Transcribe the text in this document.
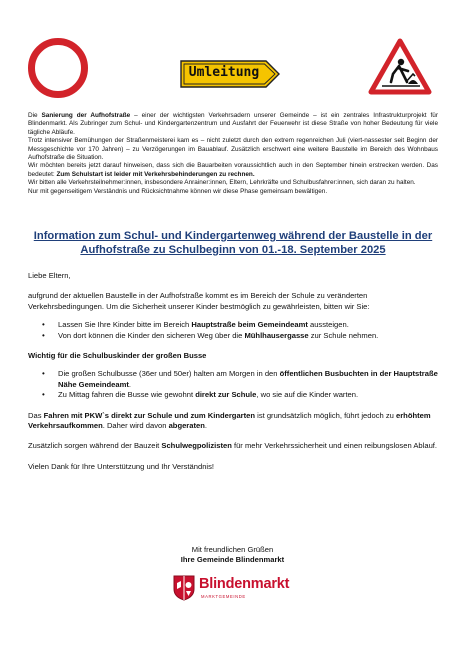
Umleitung

Die Sanierung der Aufhofstraße – einer der wichtigsten Verkehrsadern unserer Gemeinde – ist ein zentrales Infrastrukturprojekt für Blindenmarkt. Als Zubringer zum Schul- und Kindergartenzentrum und Ausfahrt der Feuerwehr ist diese Straße von hoher Bedeutung für viele tägliche Abläufe.

Trotz intensiver Bemühungen der Straßenmeisterei kam es – nicht zuletzt durch den extrem regenreichen Juli (viert-nassester seit Beginn der Messgeschichte vor 170 Jahren) – zu Verzögerungen im Bauablauf. Zusätzlich erschwert eine weitere Baustelle im Bereich des Wohnbaus Aufhofstraße die Situation.

Wir möchten bereits jetzt darauf hinweisen, dass sich die Bauarbeiten voraussichtlich auch in den September hinein erstrecken werden. Das bedeutet: Zum Schulstart ist leider mit Verkehrsbehinderungen zu rechnen.

Wir bitten alle Verkehrsteilnehmer:innen, insbesondere Anrainer:innen, Eltern, Lehrkräfte und Schulbusfahrer:innen, sich daran zu halten.

Nur mit gegenseitigem Verständnis und Rücksichtnahme können wir diese Phase gemeinsam bewältigen.

Information zum Schul- und Kindergartenweg während der Baustelle in der Aufhofstraße zu Schulbeginn von 01.-18. September 2025

Liebe Eltern,

aufgrund der aktuellen Baustelle in der Aufhofstraße kommt es im Bereich der Schule zu veränderten Verkehrsbedingungen. Um die Sicherheit unserer Kinder bestmöglich zu gewährleisten, bitten wir Sie:

• Lassen Sie Ihre Kinder bitte im Bereich Hauptstraße beim Gemeindeamt aussteigen.
• Von dort können die Kinder den sicheren Weg über die Mühlhausergasse zur Schule nehmen.

Wichtig für die Schulbuskinder der großen Busse

• Die großen Schulbusse (36er und 50er) halten am Morgen in den öffentlichen Busbuchten in der Hauptstraße Nähe Gemeindeamt.
• Zu Mittag fahren die Busse wie gewohnt direkt zur Schule, wo sie auf die Kinder warten.

Das Fahren mit PKW`s direkt zur Schule und zum Kindergarten ist grundsätzlich möglich, führt jedoch zu erhöhtem Verkehrsaufkommen. Daher wird davon abgeraten.

Zusätzlich sorgen während der Bauzeit Schulwegpolizisten für mehr Verkehrssicherheit und einen reibungslosen Ablauf.

Vielen Dank für Ihre Unterstützung und Ihr Verständnis!

Mit freundlichen Grüßen

Ihre Gemeinde Blindenmarkt

Blindenmarkt
MARKTGEMEINDE
